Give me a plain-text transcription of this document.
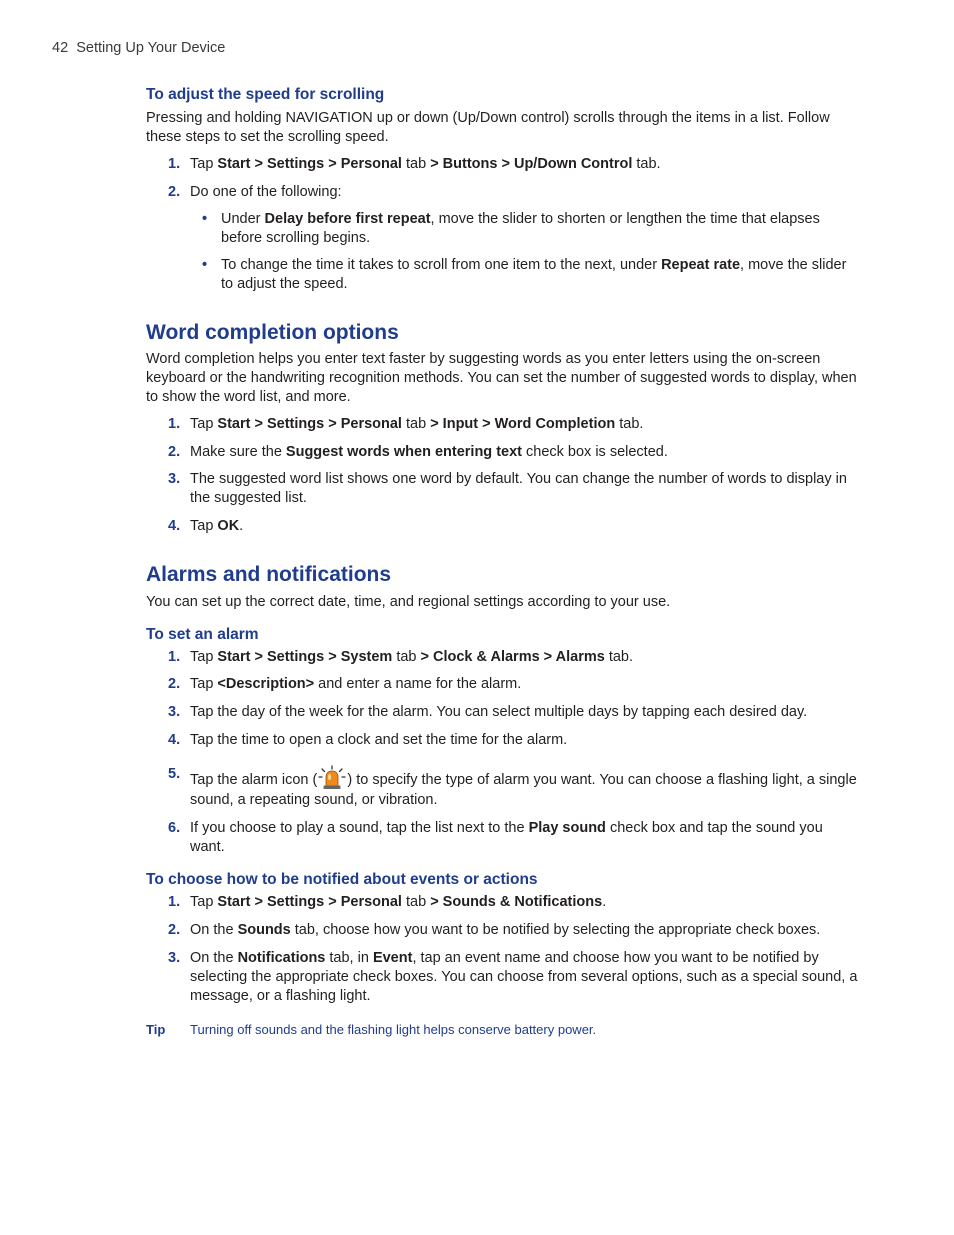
42 Setting Up Your Device
To adjust the speed for scrolling

Pressing and holding NAVIGATION up or down (Up/Down control) scrolls through the items in a list. Follow these steps to set the scrolling speed.

1. Tap Start > Settings > Personal tab > Buttons > Up/Down Control tab.
2. Do one of the following:
• Under Delay before first repeat, move the slider to shorten or lengthen the time that elapses before scrolling begins.
• To change the time it takes to scroll from one item to the next, under Repeat rate, move the slider to adjust the speed.
Word completion options

Word completion helps you enter text faster by suggesting words as you enter letters using the on-screen keyboard or the handwriting recognition methods. You can set the number of suggested words to display, when to show the word list, and more.

1. Tap Start > Settings > Personal tab > Input > Word Completion tab.
2. Make sure the Suggest words when entering text check box is selected.
3. The suggested word list shows one word by default. You can change the number of words to display in the suggested list.
4. Tap OK.
Alarms and notifications

You can set up the correct date, time, and regional settings according to your use.

To set an alarm
1. Tap Start > Settings > System tab > Clock & Alarms > Alarms tab.
2. Tap <Description> and enter a name for the alarm.
3. Tap the day of the week for the alarm. You can select multiple days by tapping each desired day.
4. Tap the time to open a clock and set the time for the alarm.
5. Tap the alarm icon ( ) to specify the type of alarm you want. You can choose a flashing light, a single sound, a repeating sound, or vibration.
6. If you choose to play a sound, tap the list next to the Play sound check box and tap the sound you want.
To choose how to be notified about events or actions
1. Tap Start > Settings > Personal tab > Sounds & Notifications.
2. On the Sounds tab, choose how you want to be notified by selecting the appropriate check boxes.
3. On the Notifications tab, in Event, tap an event name and choose how you want to be notified by selecting the appropriate check boxes. You can choose from several options, such as a special sound, a message, or a flashing light.
Tip Turning off sounds and the flashing light helps conserve battery power.
